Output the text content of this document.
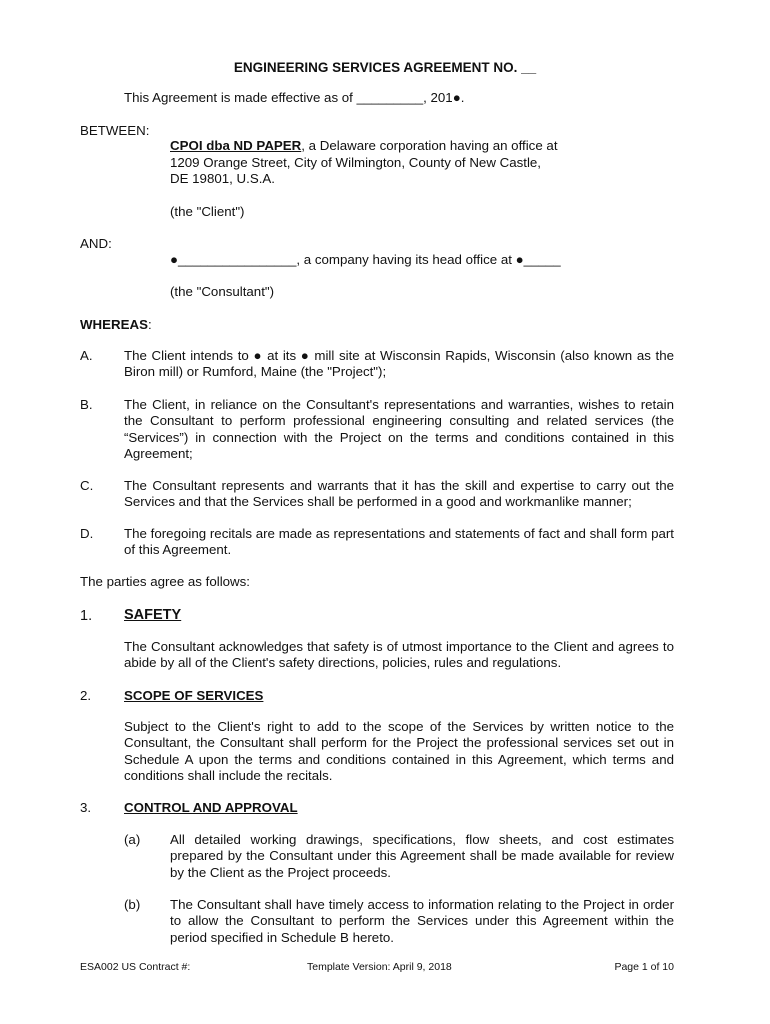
ENGINEERING SERVICES AGREEMENT NO. __
This Agreement is made effective as of _________, 201●.
BETWEEN:
CPOI dba ND PAPER, a Delaware corporation having an office at
1209 Orange Street, City of Wilmington, County of New Castle,
DE 19801, U.S.A.
(the "Client")
AND:
●________________, a company having its head office at ●_____
(the "Consultant")
WHEREAS:
A. The Client intends to ● at its ● mill site at Wisconsin Rapids, Wisconsin (also known as the Biron mill) or Rumford, Maine (the "Project");
B. The Client, in reliance on the Consultant's representations and warranties, wishes to retain the Consultant to perform professional engineering consulting and related services (the “Services”) in connection with the Project on the terms and conditions contained in this Agreement;
C. The Consultant represents and warrants that it has the skill and expertise to carry out the Services and that the Services shall be performed in a good and workmanlike manner;
D. The foregoing recitals are made as representations and statements of fact and shall form part of this Agreement.
The parties agree as follows:
1. SAFETY
The Consultant acknowledges that safety is of utmost importance to the Client and agrees to abide by all of the Client's safety directions, policies, rules and regulations.
2. SCOPE OF SERVICES
Subject to the Client's right to add to the scope of the Services by written notice to the Consultant, the Consultant shall perform for the Project the professional services set out in Schedule A upon the terms and conditions contained in this Agreement, which terms and conditions shall include the recitals.
3. CONTROL AND APPROVAL
(a) All detailed working drawings, specifications, flow sheets, and cost estimates prepared by the Consultant under this Agreement shall be made available for review by the Client as the Project proceeds.
(b) The Consultant shall have timely access to information relating to the Project in order to allow the Consultant to perform the Services under this Agreement within the period specified in Schedule B hereto.
ESA002 US Contract #:	Template Version: April 9, 2018	Page 1 of 10
